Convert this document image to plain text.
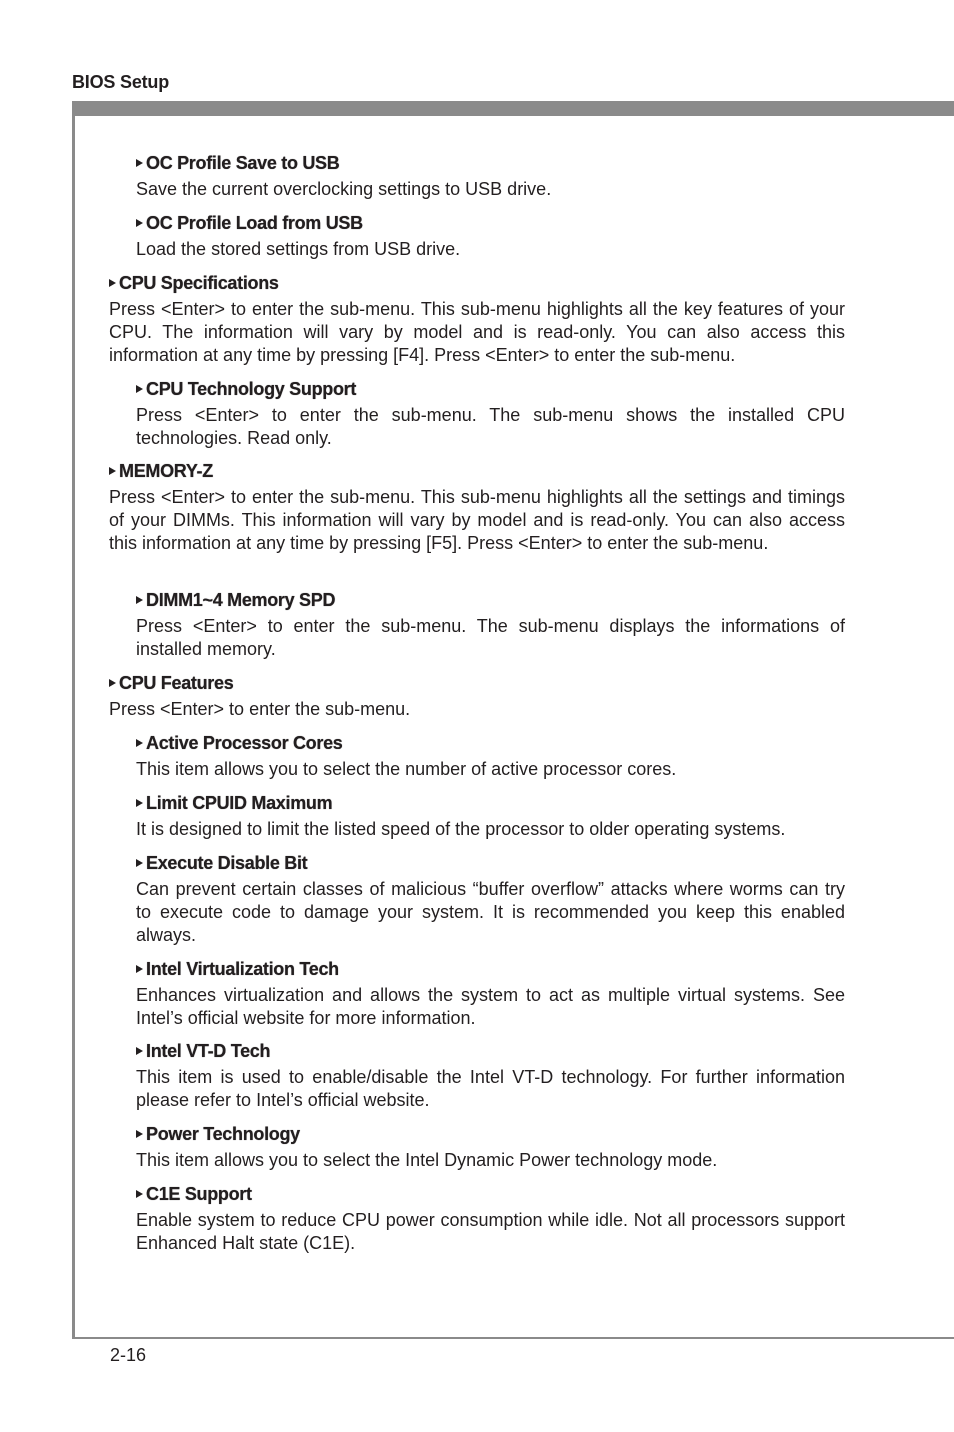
BIOS Setup
OC Profile Save to USB
Save the current overclocking settings to USB drive.
OC Profile Load from USB
Load the stored settings from USB drive.
CPU Specifications
Press <Enter> to enter the sub-menu. This sub-menu highlights all the key features of your CPU. The information will vary by model and is read-only. You can also access this information at any time by pressing [F4]. Press <Enter> to enter the sub-menu.
CPU Technology Support
Press <Enter> to enter the sub-menu. The sub-menu shows the installed CPU technologies. Read only.
MEMORY-Z
Press <Enter> to enter the sub-menu. This sub-menu highlights all the settings and timings of your DIMMs. This information will vary by model and is read-only. You can also access this information at any time by pressing [F5]. Press <Enter> to enter the sub-menu.
DIMM1~4 Memory SPD
Press <Enter> to enter the sub-menu. The sub-menu displays the informations of installed memory.
CPU Features
Press <Enter> to enter the sub-menu.
Active Processor Cores
This item allows you to select the number of active processor cores.
Limit CPUID Maximum
It is designed to limit the listed speed of the processor to older operating systems.
Execute Disable Bit
Can prevent certain classes of malicious “buffer overflow” attacks where worms can try to execute code to damage your system. It is recommended you keep this enabled always.
Intel Virtualization Tech
Enhances virtualization and allows the system to act as multiple virtual systems. See Intel’s official website for more information.
Intel VT-D Tech
This item is used to enable/disable the Intel VT-D technology. For further information please refer to Intel’s official website.
Power Technology
This item allows you to select the Intel Dynamic Power technology mode.
C1E Support
Enable system to reduce CPU power consumption while idle. Not all processors support Enhanced Halt state (C1E).
2-16
